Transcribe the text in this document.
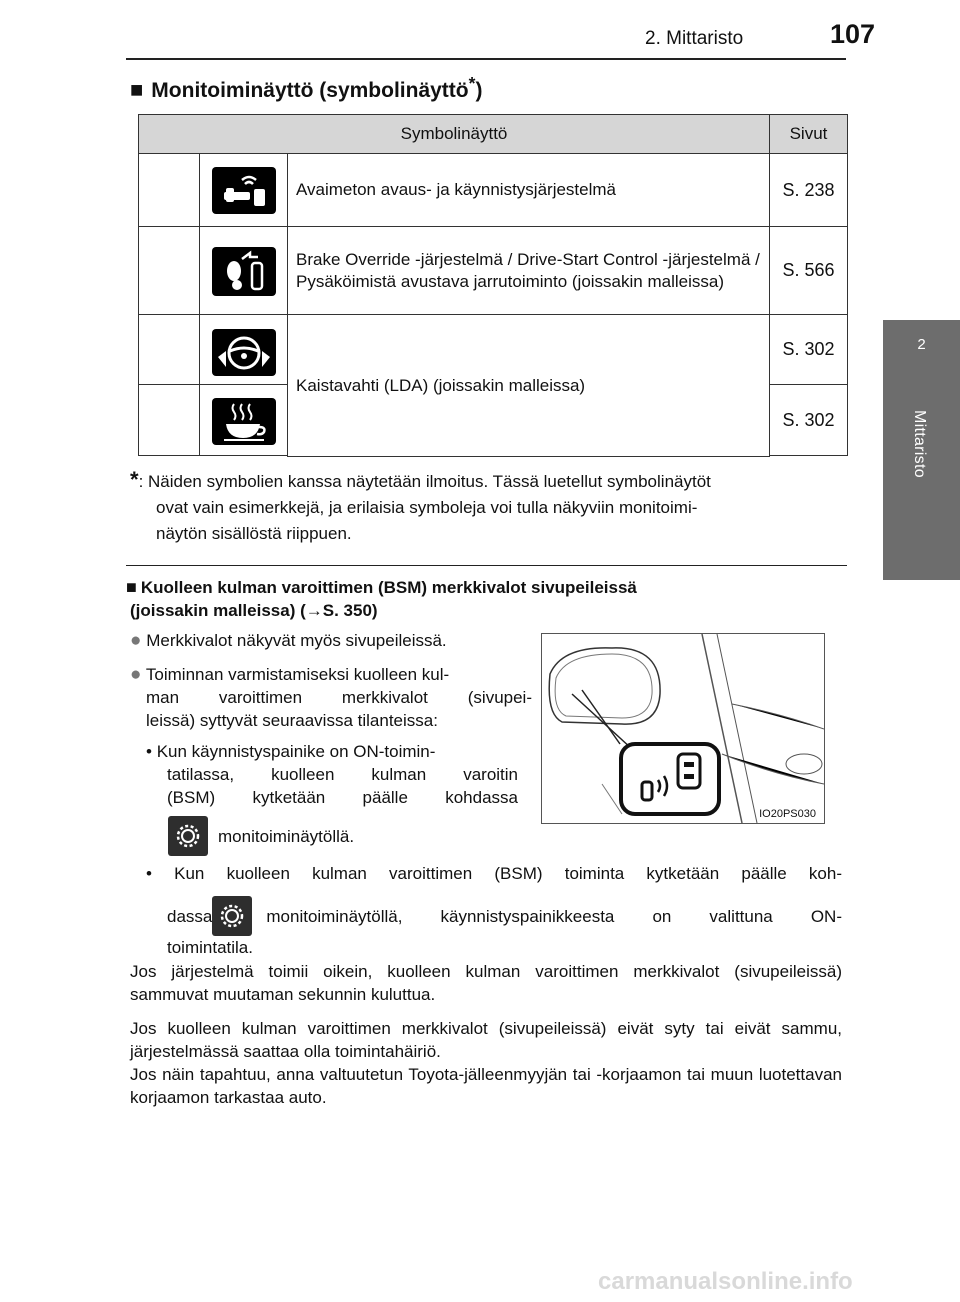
2. Mittaristo	107
2
Mittaristo
■ Monitoiminäyttö (symbolinäyttö*)
Symbolinäyttö	Sivut
Avaimeton avaus- ja käynnistysjärjestelmä	S. 238
Brake Override -järjestelmä / Drive-Start Control -järjestelmä / Pysäköimistä avustava jarrutoiminto (joissakin malleissa)
S. 566
Kaistavahti (LDA) (joissakin malleissa)
S. 302
S. 302
*: Näiden symbolien kanssa näytetään ilmoitus. Tässä luetellut symbolinäytöt
ovat vain esimerkkejä, ja erilaisia symboleja voi tulla näkyviin monitoimi-
näytön sisällöstä riippuen.
■ Kuolleen kulman varoittimen (BSM) merkkivalot sivupeileissä
(joissakin malleissa) (→S. 350)
● Merkkivalot näkyvät myös sivupeileissä.
● Toiminnan varmistamiseksi kuolleen kul-
man varoittimen merkkivalot (sivupei-
leissä) syttyvät seuraavissa tilanteissa:
• Kun käynnistyspainike on ON-toimin-
tatilassa, kuolleen kulman varoitin
(BSM) kytketään päälle kohdassa
monitoiminäytöllä.
IO20PS030
• Kun kuolleen kulman varoittimen (BSM) toiminta kytketään päälle koh-
dassa	monitoiminäytöllä, käynnistyspainikkeesta on valittuna ON-
toimintatila.
Jos järjestelmä toimii oikein, kuolleen kulman varoittimen merkkivalot (sivupeileissä) sammuvat muutaman sekunnin kuluttua.
Jos kuolleen kulman varoittimen merkkivalot (sivupeileissä) eivät syty tai eivät sammu, järjestelmässä saattaa olla toimintahäiriö.
Jos näin tapahtuu, anna valtuutetun Toyota-jälleenmyyjän tai -korjaamon tai muun luotettavan korjaamon tarkastaa auto.
carmanualsonline.info
